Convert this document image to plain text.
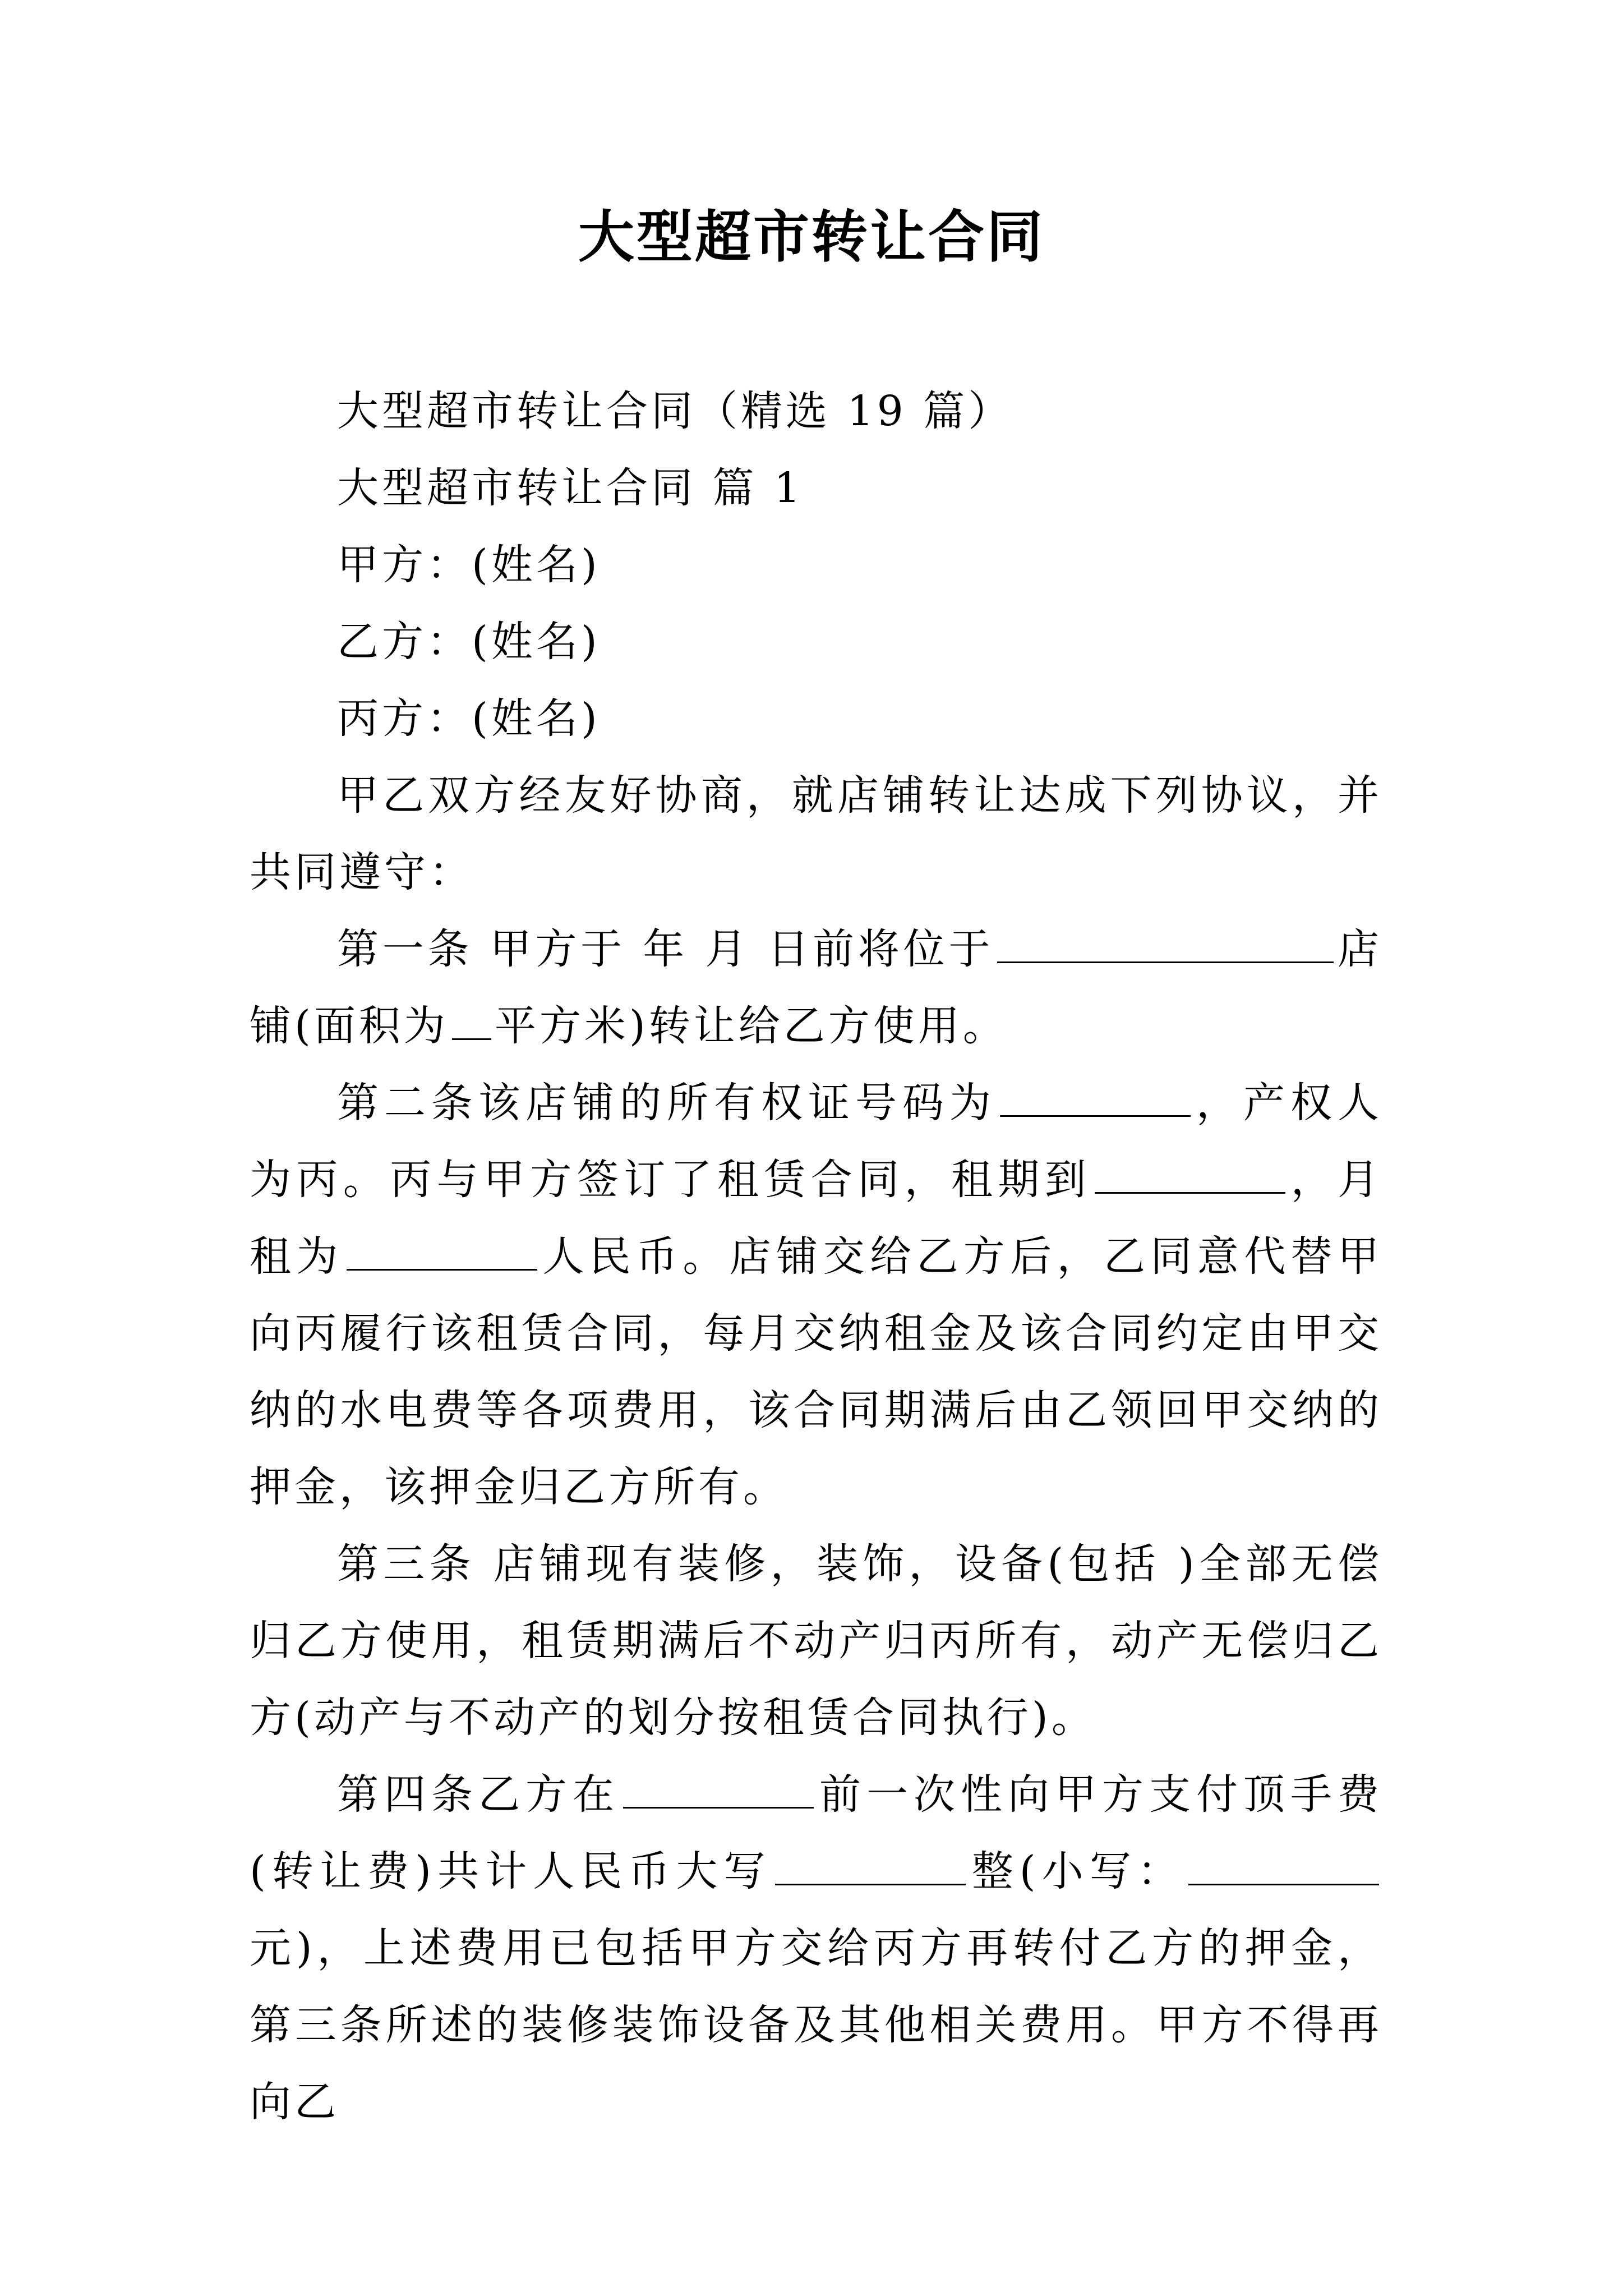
大型超市转让合同

大型超市转让合同（精选 19 篇）

大型超市转让合同 篇 1

甲方：(姓名)

乙方：(姓名)

丙方：(姓名)

甲乙双方经友好协商，就店铺转让达成下列协议，并共同遵守：

第一条 甲方于 年 月 日前将位于	店铺(面积为 平方米)转让给乙方使用。

第二条该店铺的所有权证号码为	，产权人为丙。丙与甲方签订了租赁合同，租期到	，月租为	人民币。店铺交给乙方后，乙同意代替甲向丙履行该租赁合同，每月交纳租金及该合同约定由甲交纳的水电费等各项费用，该合同期满后由乙领回甲交纳的押金，该押金归乙方所有。

第三条 店铺现有装修，装饰，设备(包括 )全部无偿归乙方使用，租赁期满后不动产归丙所有，动产无偿归乙方(动产与不动产的划分按租赁合同执行)。

第四条乙方在	前一次性向甲方支付顶手费(转让费)共计人民币大写	整(小写：元)，上述费用已包括甲方交给丙方再转付乙方的押金，第三条所述的装修装饰设备及其他相关费用。甲方不得再向乙
